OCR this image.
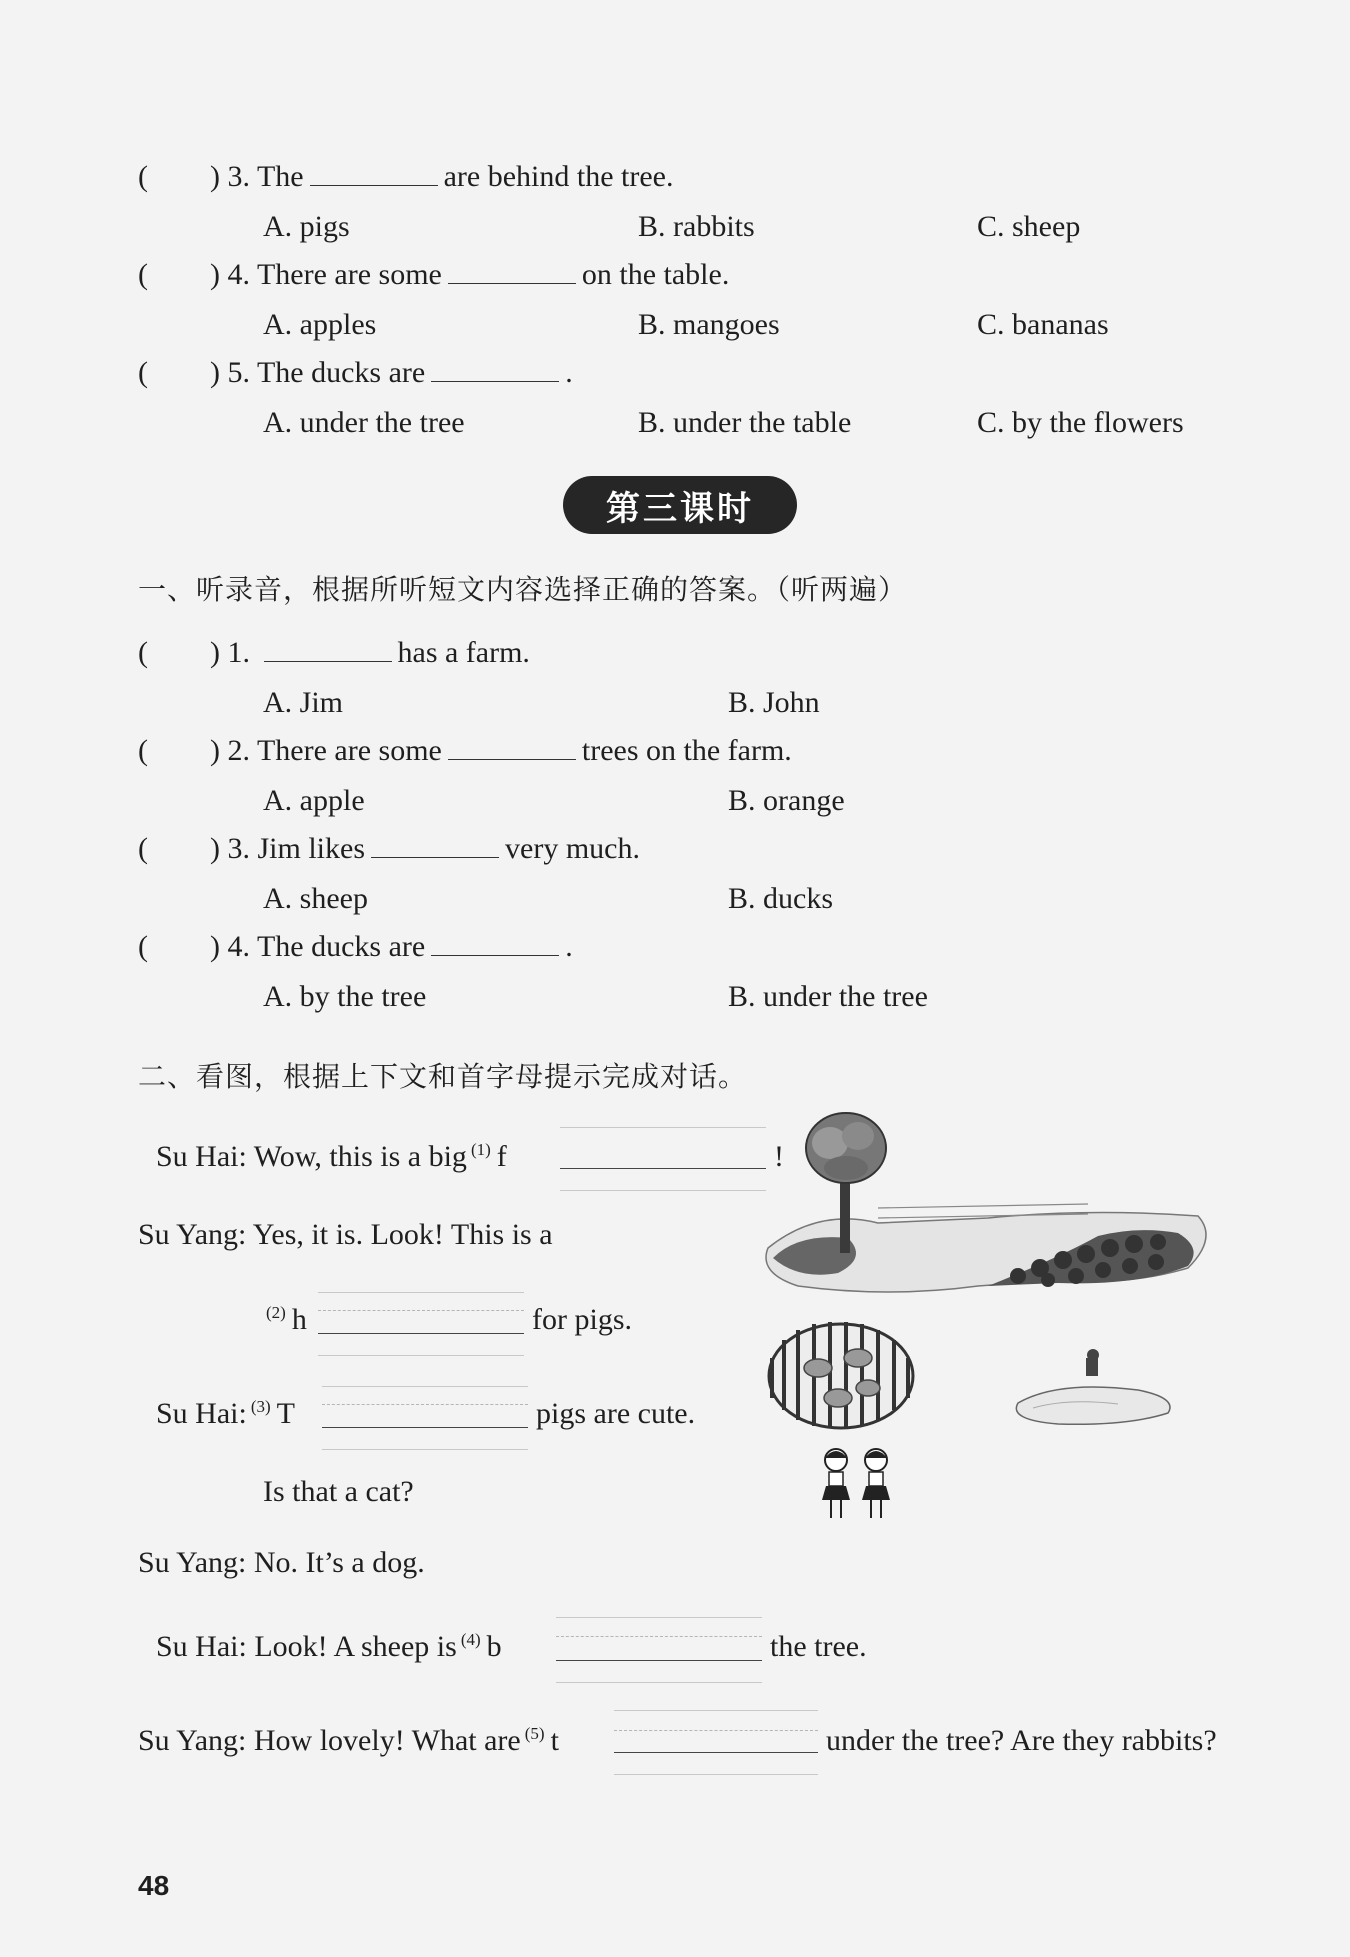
( ) 3. The	are behind the tree.
A. pigs	B. rabbits	C. sheep
( ) 4. There are some	on the table.
A. apples	B. mangoes	C. bananas
( ) 5. The ducks are	.
A. under the tree	B. under the table	C. by the flowers
第三课时
一、听录音，根据所听短文内容选择正确的答案。（听两遍）
( ) 1.	has a farm.
A. Jim	B. John
( ) 2. There are some	trees on the farm.
A. apple	B. orange
( ) 3. Jim likes	very much.
A. sheep	B. ducks
( ) 4. The ducks are	.
A. by the tree	B. under the tree
二、看图，根据上下文和首字母提示完成对话。
Su Hai: Wow, this is a big $^{(1)}$ f	!
Su Yang: Yes, it is. Look! This is a
$^{(2)}$ h	for pigs.
Su Hai: $^{(3)}$ T	pigs are cute.
Is that a cat?
Su Yang: No. It’s a dog.
Su Hai: Look! A sheep is $^{(4)}$ b	the tree.
Su Yang: How lovely! What are $^{(5)}$ t	under the tree? Are they rabbits?
48
